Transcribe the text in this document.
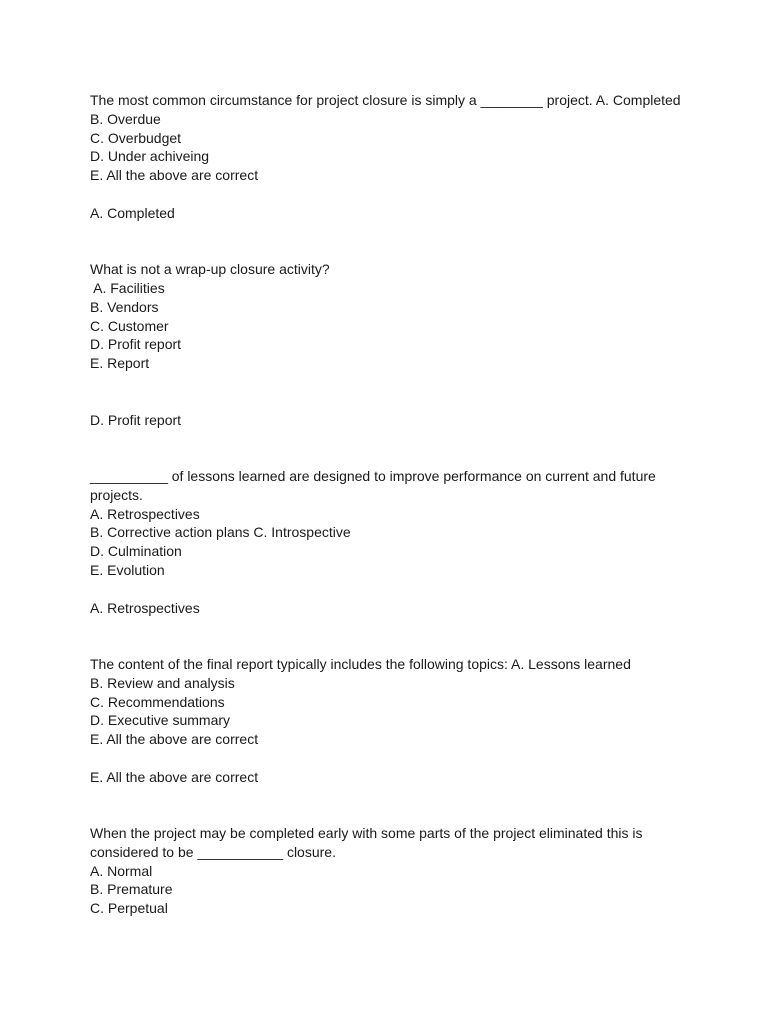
The most common circumstance for project closure is simply a ________ project. A. Completed
B. Overdue
C. Overbudget
D. Under achiveing
E. All the above are correct
A. Completed
What is not a wrap-up closure activity?
A. Facilities
B. Vendors
C. Customer
D. Profit report
E. Report
D. Profit report
__________ of lessons learned are designed to improve performance on current and future
projects.
A. Retrospectives
B. Corrective action plans C. Introspective
D. Culmination
E. Evolution
A. Retrospectives
The content of the final report typically includes the following topics: A. Lessons learned
B. Review and analysis
C. Recommendations
D. Executive summary
E. All the above are correct
E. All the above are correct
When the project may be completed early with some parts of the project eliminated this is
considered to be ___________ closure.
A. Normal
B. Premature
C. Perpetual
